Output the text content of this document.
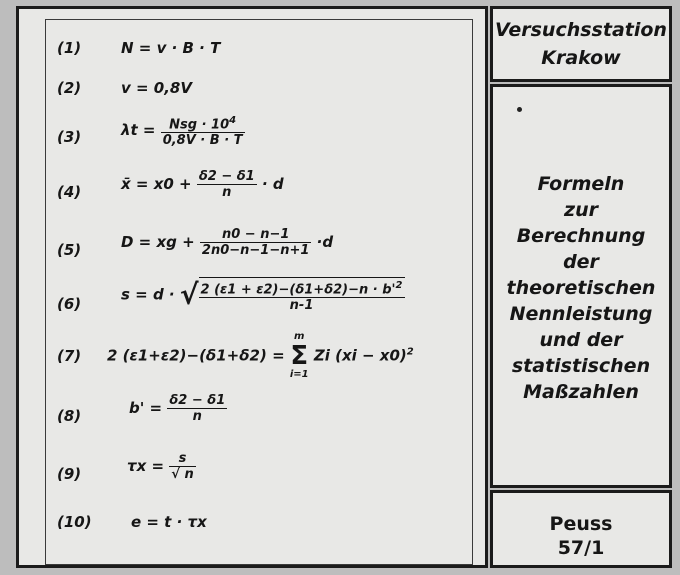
(1)	N = v · B · T
(2)	v = 0,8V
(3)	$\lambda t = \frac{Nsg \cdot 10^4}{0,8V \cdot B \cdot T}$
(4)	x̄ = $x0 + \frac{\delta 2 - \delta 1}{n} \cdot d$
(5)	D = xg + $\frac{n0 - n-1}{2n0-n-1-n+1} \cdot d$
(6)
s = d · √ $\frac{2 (\varepsilon 1 + \varepsilon 2)-(\delta 1+\delta 2)-n \cdot b'^2}{n-1}$
(7) 2 (ε1+ε2)−(δ1+δ2) =
m
Σ
i=1
Zi (xi − x0)$^2$
(8)	$b' = \frac{\delta 2 - \delta 1}{n}$
(9)	$\tau x = \frac{s}{√ n}$
(10)	e = t · τx
Versuchsstation
Krakow
Formeln
zur
Berechnung
der
theoretischen
Nennleistung
und der
statistischen
Maßzahlen
Peuss
57/1
